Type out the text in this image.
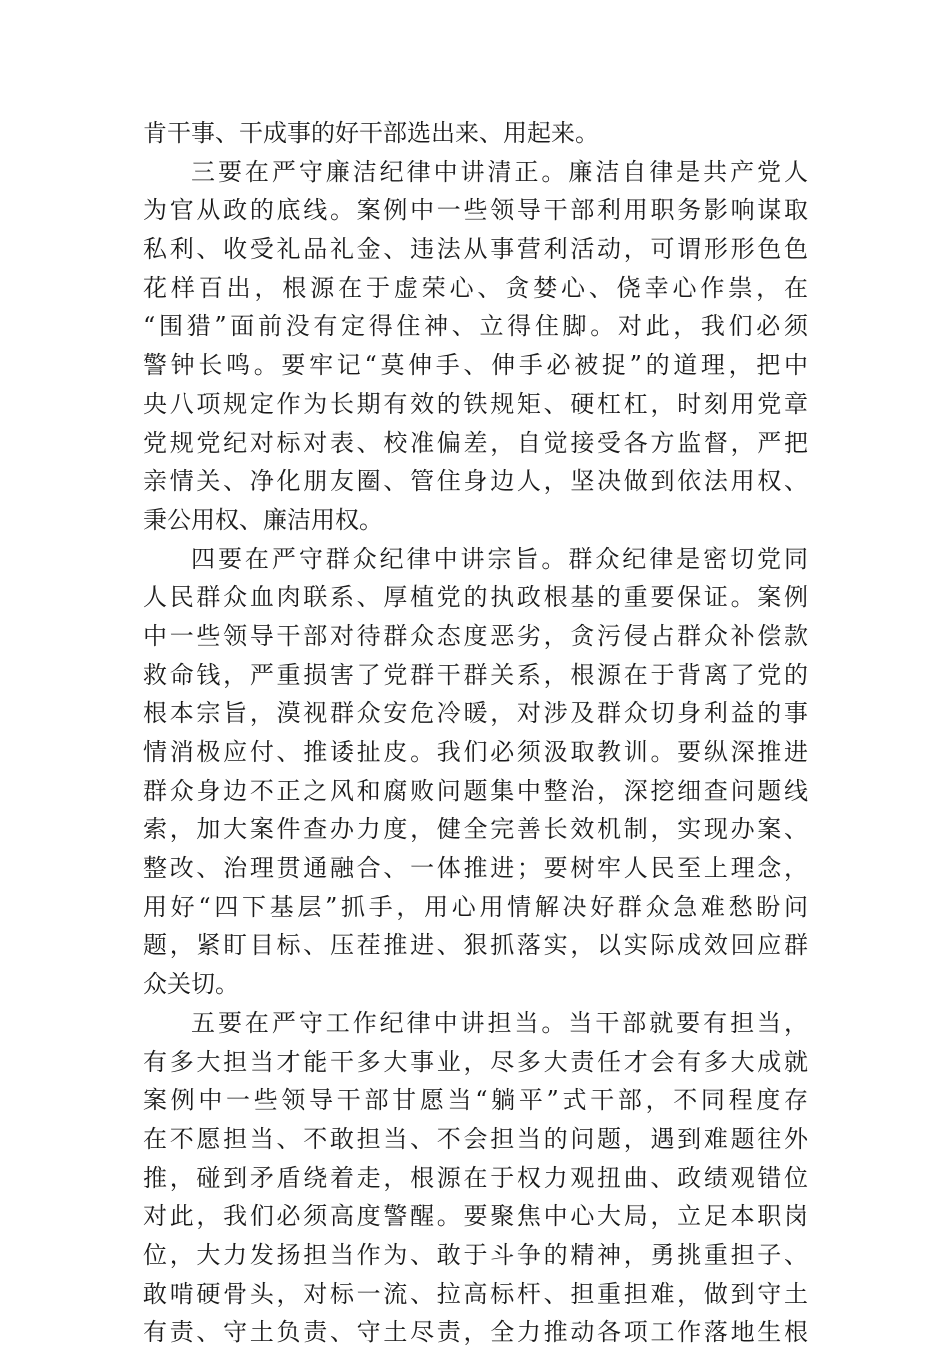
肯干事、干成事的好干部选出来、用起来。
三要在严守廉洁纪律中讲清正。廉洁自律是共产党人
为官从政的底线。案例中一些领导干部利用职务影响谋取
私利、收受礼品礼金、违法从事营利活动，可谓形形色色
花样百出，根源在于虚荣心、贪婪心、侥幸心作祟，在
“围猎”面前没有定得住神、立得住脚。对此，我们必须
警钟长鸣。要牢记“莫伸手、伸手必被捉”的道理，把中
央八项规定作为长期有效的铁规矩、硬杠杠，时刻用党章
党规党纪对标对表、校准偏差，自觉接受各方监督，严把
亲情关、净化朋友圈、管住身边人，坚决做到依法用权、
秉公用权、廉洁用权。
四要在严守群众纪律中讲宗旨。群众纪律是密切党同
人民群众血肉联系、厚植党的执政根基的重要保证。案例
中一些领导干部对待群众态度恶劣，贪污侵占群众补偿款
救命钱，严重损害了党群干群关系，根源在于背离了党的
根本宗旨，漠视群众安危冷暖，对涉及群众切身利益的事
情消极应付、推诿扯皮。我们必须汲取教训。要纵深推进
群众身边不正之风和腐败问题集中整治，深挖细查问题线
索，加大案件查办力度，健全完善长效机制，实现办案、
整改、治理贯通融合、一体推进；要树牢人民至上理念，
用好“四下基层”抓手，用心用情解决好群众急难愁盼问
题，紧盯目标、压茬推进、狠抓落实，以实际成效回应群
众关切。
五要在严守工作纪律中讲担当。当干部就要有担当，
有多大担当才能干多大事业，尽多大责任才会有多大成就
案例中一些领导干部甘愿当“躺平”式干部，不同程度存
在不愿担当、不敢担当、不会担当的问题，遇到难题往外
推，碰到矛盾绕着走，根源在于权力观扭曲、政绩观错位
对此，我们必须高度警醒。要聚焦中心大局，立足本职岗
位，大力发扬担当作为、敢于斗争的精神，勇挑重担子、
敢啃硬骨头，对标一流、拉高标杆、担重担难，做到守土
有责、守土负责、守土尽责，全力推动各项工作落地生根
